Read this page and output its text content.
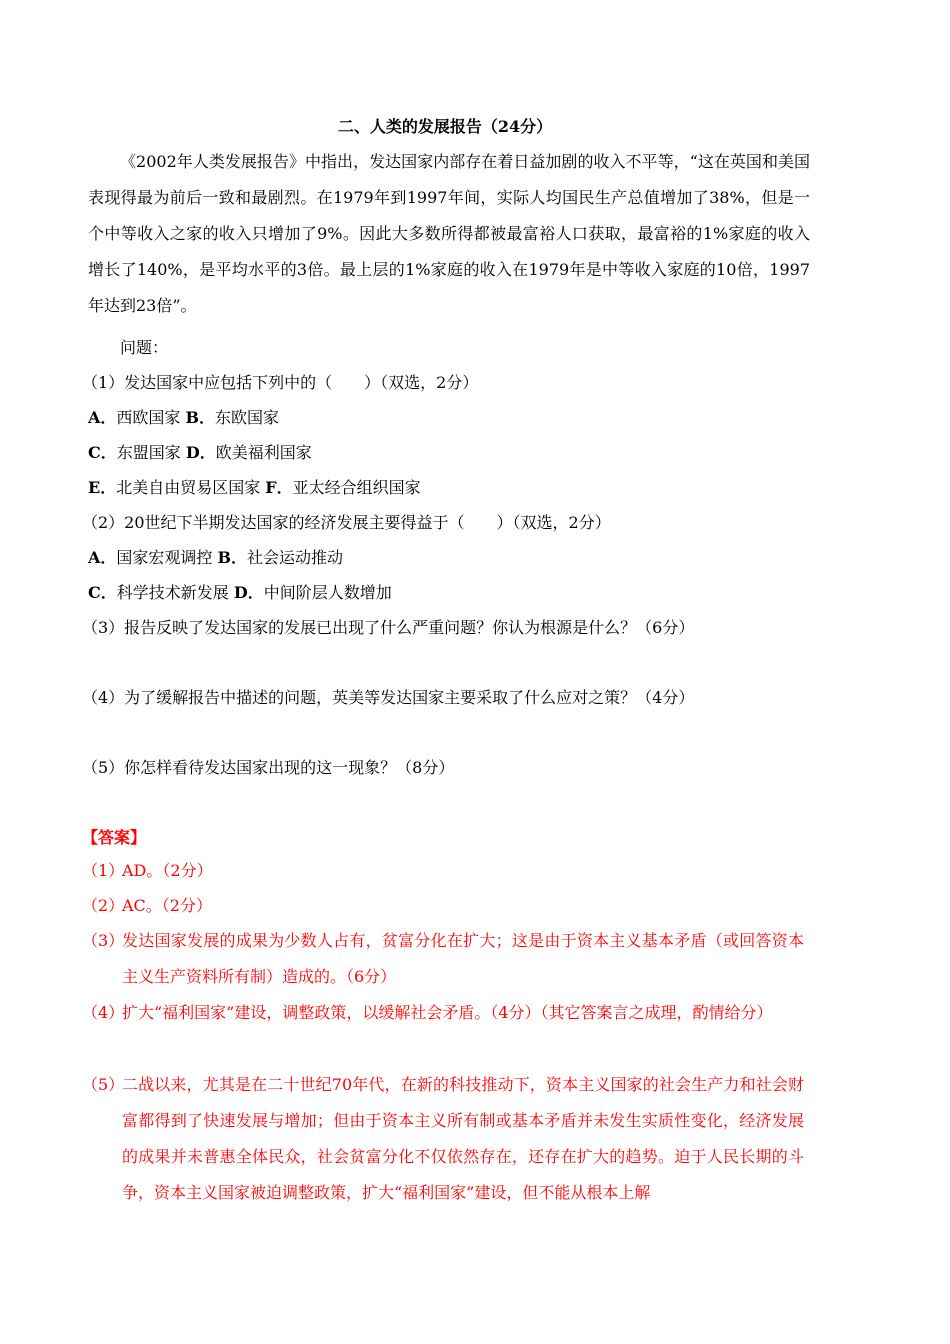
二、人类的发展报告（24分）
《2002年人类发展报告》中指出，发达国家内部存在着日益加剧的收入不平等，“这在英国和美国表现得最为前后一致和最剧烈。在1979年到1997年间，实际人均国民生产总值增加了38%，但是一个中等收入之家的收入只增加了9%。因此大多数所得都被最富裕人口获取，最富裕的1%家庭的收入增长了140%，是平均水平的3倍。最上层的1%家庭的收入在1979年是中等收入家庭的10倍，1997年达到23倍”。
问题：
（1）发达国家中应包括下列中的（　　）（双选，2分）
A．西欧国家 B．东欧国家
C．东盟国家 D．欧美福利国家
E．北美自由贸易区国家 F．亚太经合组织国家
（2）20世纪下半期发达国家的经济发展主要得益于（　　）（双选，2分）
A．国家宏观调控 B．社会运动推动
C．科学技术新发展 D．中间阶层人数增加
（3）报告反映了发达国家的发展已出现了什么严重问题？你认为根源是什么？（6分）
（4）为了缓解报告中描述的问题，英美等发达国家主要采取了什么应对之策？（4分）
（5）你怎样看待发达国家出现的这一现象？（8分）
【答案】
（1）
AD。（2分）
（2）
AC。（2分）
（3）
发达国家发展的成果为少数人占有，贫富分化在扩大；这是由于资本主义基本矛盾（或回答资本主义生产资料所有制）造成的。（6分）
（4）
扩大“福利国家”建设，调整政策，以缓解社会矛盾。（4分）（其它答案言之成理，酌情给分）
（5）
二战以来，尤其是在二十世纪70年代，在新的科技推动下，资本主义国家的社会生产力和社会财富都得到了快速发展与增加；但由于资本主义所有制或基本矛盾并未发生实质性变化，经济发展的成果并未普惠全体民众，社会贫富分化不仅依然存在，还存在扩大的趋势。迫于人民长期的斗争，资本主义国家被迫调整政策，扩大“福利国家”建设，但不能从根本上解
